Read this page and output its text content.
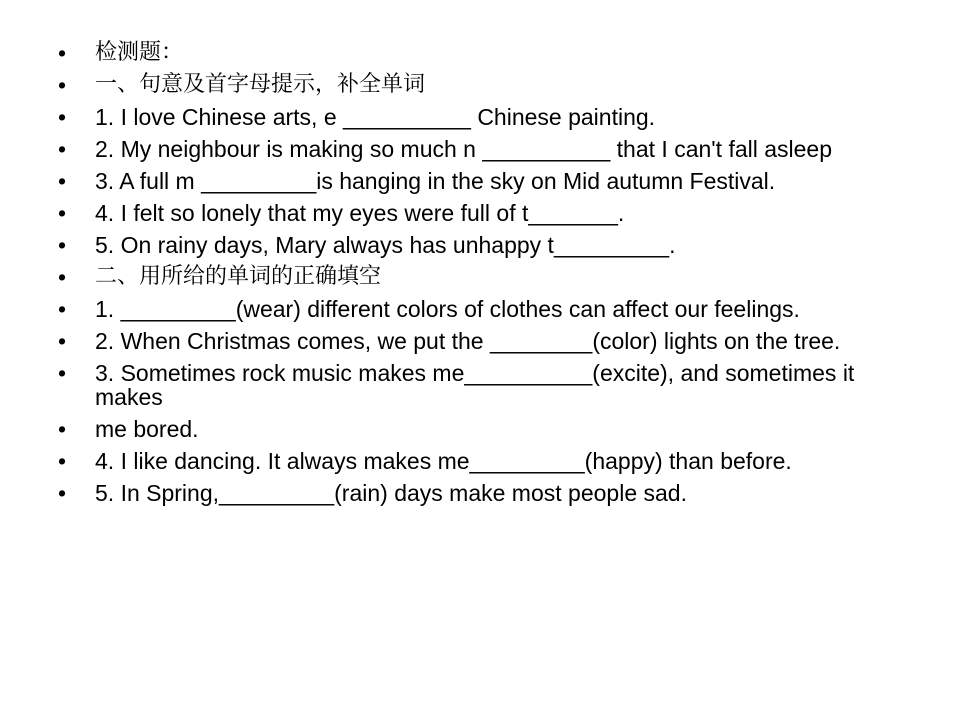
• 检测题：
• 一、句意及首字母提示，补全单词
• 1. I love Chinese arts, e __________ Chinese painting.
• 2. My neighbour is making so much n __________ that I can't fall asleep
• 3. A full m _________is hanging in the sky on Mid autumn Festival.
• 4. I felt so lonely that my eyes were full of t_______.
• 5. On rainy days, Mary always has unhappy t_________.
• 二、用所给的单词的正确填空
• 1. _________(wear) different colors of clothes can affect our feelings.
• 2. When Christmas comes, we put the ________(color) lights on the tree.
• 3. Sometimes rock music makes me__________(excite), and sometimes it makes
• me bored.
• 4. I like dancing. It always makes me_________(happy) than before.
• 5. In Spring,_________(rain) days make most people sad.
